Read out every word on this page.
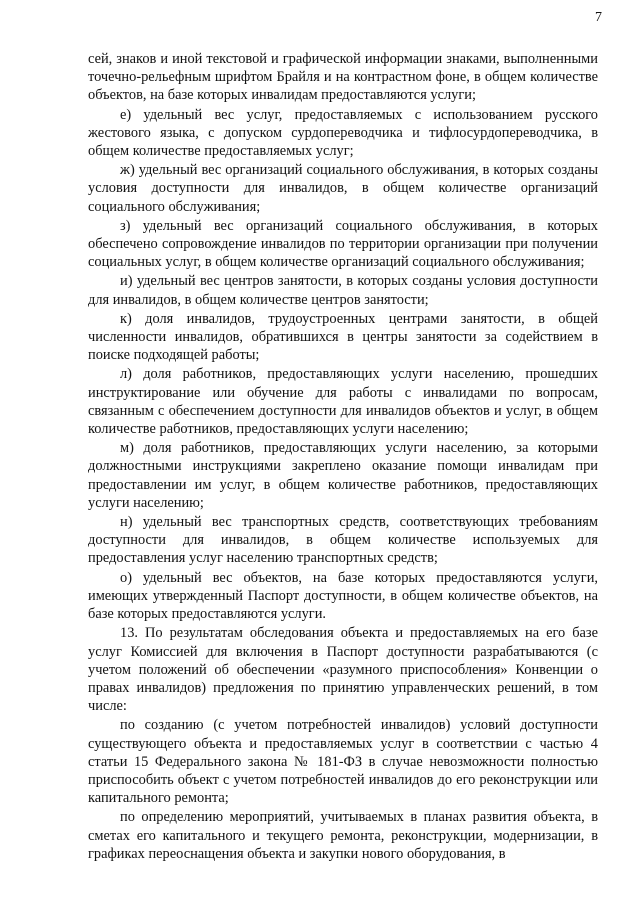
7

сей, знаков и иной текстовой и графической информации знаками, выполненными точечно-рельефным шрифтом Брайля и на контрастном фоне, в общем количестве объектов, на базе которых инвалидам предоставляются услуги;

е) удельный вес услуг, предоставляемых с использованием русского жестового языка, с допуском сурдопереводчика и тифлосурдопереводчика, в общем количестве предоставляемых услуг;

ж) удельный вес организаций социального обслуживания, в которых созданы условия доступности для инвалидов, в общем количестве организаций социального обслуживания;

з) удельный вес организаций социального обслуживания, в которых обеспечено сопровождение инвалидов по территории организации при получении социальных услуг, в общем количестве организаций социального обслуживания;

и) удельный вес центров занятости, в которых созданы условия доступности для инвалидов, в общем количестве центров занятости;

к) доля инвалидов, трудоустроенных центрами занятости, в общей численности инвалидов, обратившихся в центры занятости за содействием в поиске подходящей работы;

л) доля работников, предоставляющих услуги населению, прошедших инструктирование или обучение для работы с инвалидами по вопросам, связанным с обеспечением доступности для инвалидов объектов и услуг, в общем количестве работников, предоставляющих услуги населению;

м) доля работников, предоставляющих услуги населению, за которыми должностными инструкциями закреплено оказание помощи инвалидам при предоставлении им услуг, в общем количестве работников, предоставляющих услуги населению;

н) удельный вес транспортных средств, соответствующих требованиям доступности для инвалидов, в общем количестве используемых для предоставления услуг населению транспортных средств;

о) удельный вес объектов, на базе которых предоставляются услуги, имеющих утвержденный Паспорт доступности, в общем количестве объектов, на базе которых предоставляются услуги.

13. По результатам обследования объекта и предоставляемых на его базе услуг Комиссией для включения в Паспорт доступности разрабатываются (с учетом положений об обеспечении «разумного приспособления» Конвенции о правах инвалидов) предложения по принятию управленческих решений, в том числе:

по созданию (с учетом потребностей инвалидов) условий доступности существующего объекта и предоставляемых услуг в соответствии с частью 4 статьи 15 Федерального закона № 181-ФЗ в случае невозможности полностью приспособить объект с учетом потребностей инвалидов до его реконструкции или капитального ремонта;

по определению мероприятий, учитываемых в планах развития объекта, в сметах его капитального и текущего ремонта, реконструкции, модернизации, в графиках переоснащения объекта и закупки нового оборудования, в
